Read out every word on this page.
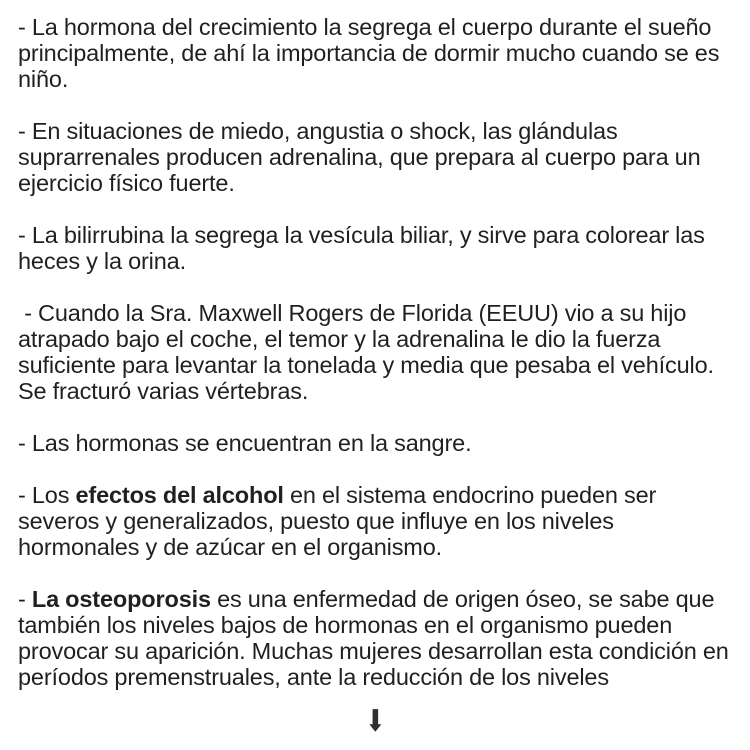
- La hormona del crecimiento la segrega el cuerpo durante el sueño principalmente, de ahí la importancia de dormir mucho cuando se es niño.

- En situaciones de miedo, angustia o shock, las glándulas suprarrenales producen adrenalina, que prepara al cuerpo para un ejercicio físico fuerte.

- La bilirrubina la segrega la vesícula biliar, y sirve para colorear las heces y la orina.

- Cuando la Sra. Maxwell Rogers de Florida (EEUU) vio a su hijo atrapado bajo el coche, el temor y la adrenalina le dio la fuerza suficiente para levantar la tonelada y media que pesaba el vehículo. Se fracturó varias vértebras.

- Las hormonas se encuentran en la sangre.

- Los efectos del alcohol en el sistema endocrino pueden ser severos y generalizados, puesto que influye en los niveles hormonales y de azúcar en el organismo.

- La osteoporosis es una enfermedad de origen óseo, se sabe que también los niveles bajos de hormonas en el organismo pueden provocar su aparición. Muchas mujeres desarrollan esta condición en períodos premenstruales, ante la reducción de los niveles

⬇
